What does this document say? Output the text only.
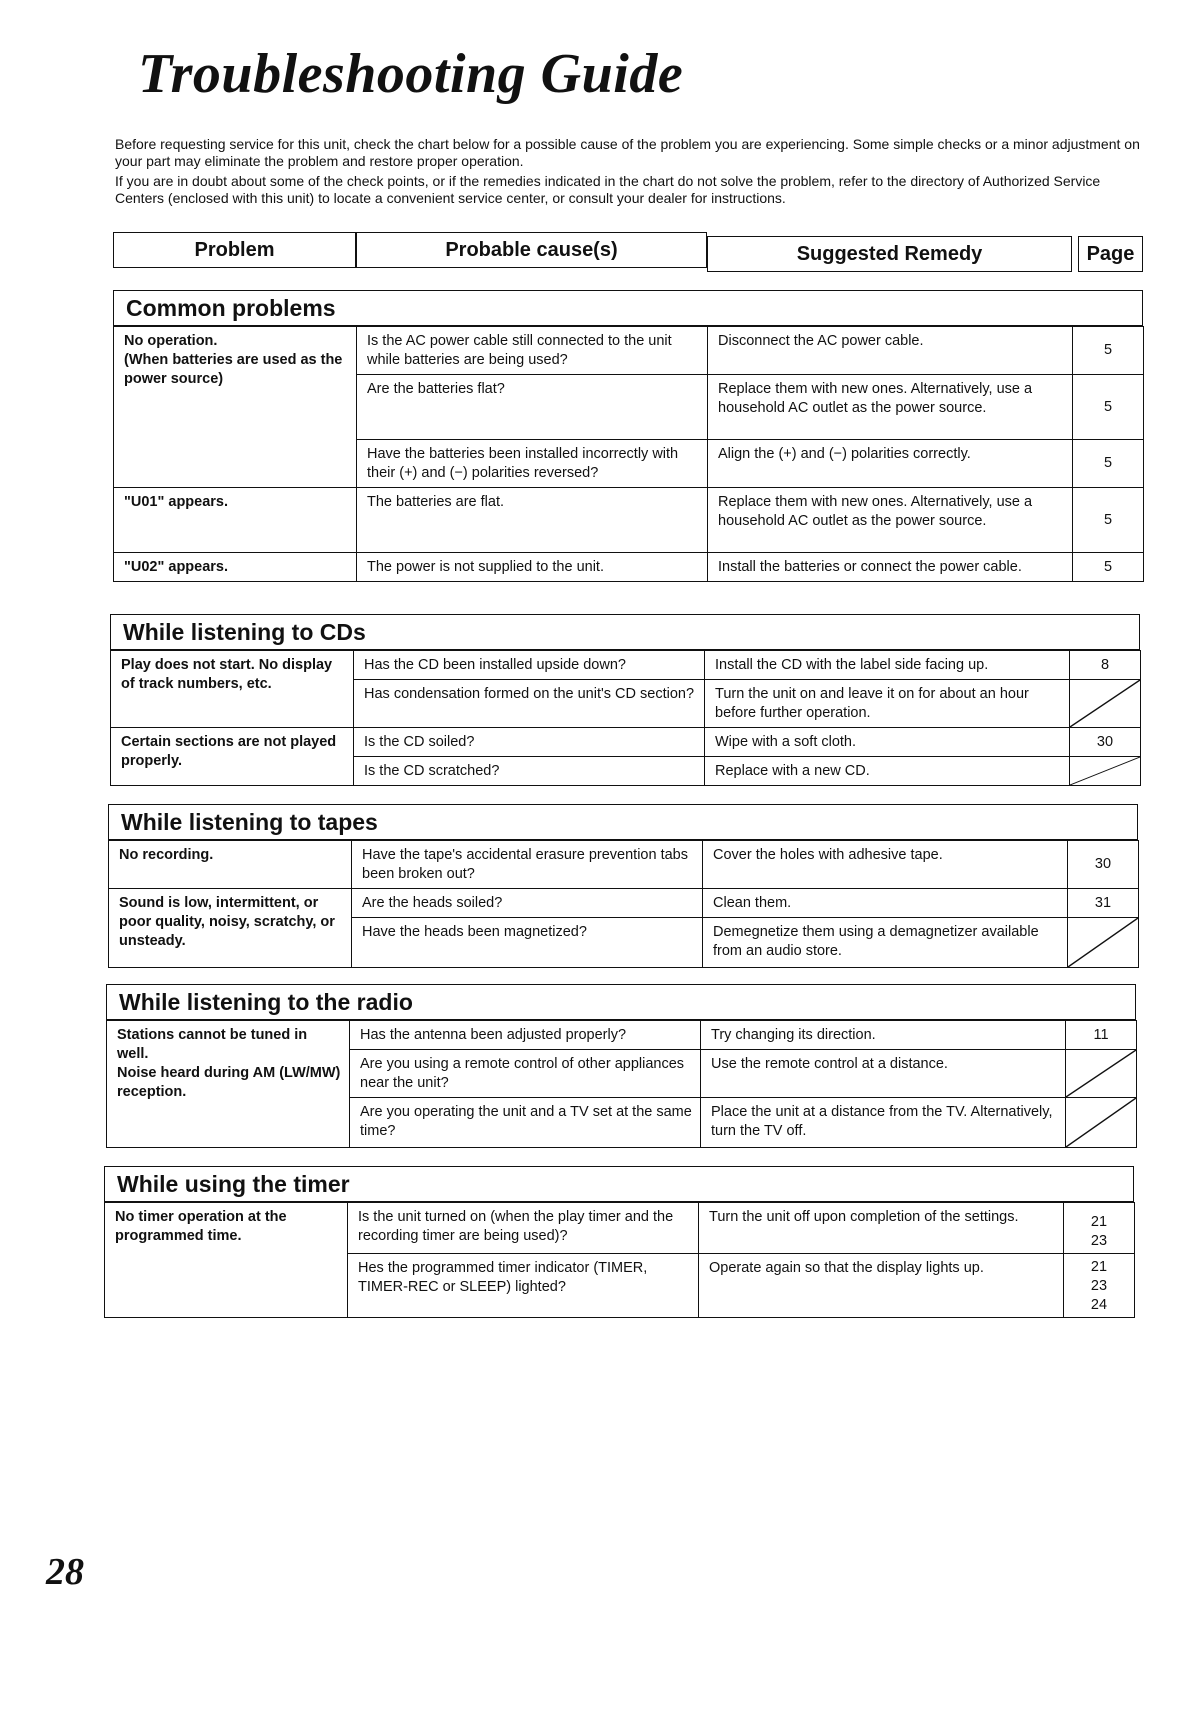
Troubleshooting Guide

Before requesting service for this unit, check the chart below for a possible cause of the problem you are experiencing. Some simple checks or a minor adjustment on your part may eliminate the problem and restore proper operation.

If you are in doubt about some of the check points, or if the remedies indicated in the chart do not solve the problem, refer to the directory of Authorized Service Centers (enclosed with this unit) to locate a convenient service center, or consult your dealer for instructions.

Problem	Probable cause(s)	Suggested Remedy	Page
Common problems
No operation.
(When batteries are used as the power source)	Is the AC power cable still connected to the unit while batteries are being used?	Disconnect the AC power cable.	5
	Are the batteries flat?	Replace them with new ones. Alternatively, use a household AC outlet as the power source.	5
	Have the batteries been installed incorrectly with their (+) and (−) polarities reversed?	Align the (+) and (−) polarities correctly.	5
"U01" appears.	The batteries are flat.	Replace them with new ones. Alternatively, use a household AC outlet as the power source.	5
"U02" appears.	The power is not supplied to the unit.	Install the batteries or connect the power cable.	5
While listening to CDs
Play does not start. No display of track numbers, etc.	Has the CD been installed upside down?	Install the CD with the label side facing up.	8
	Has condensation formed on the unit's CD section?	Turn the unit on and leave it on for about an hour before further operation.	

Certain sections are not played properly.	Is the CD soiled?	Wipe with a soft cloth.	30
	Is the CD scratched?	Replace with a new CD.	
While listening to tapes
No recording.	Have the tape's accidental erasure prevention tabs been broken out?	Cover the holes with adhesive tape.	30
Sound is low, intermittent, or poor quality, noisy, scratchy, or unsteady.	Are the heads soiled?	Clean them.	31
	Have the heads been magnetized?	Demegnetize them using a demagnetizer available from an audio store.	
While listening to the radio
Stations cannot be tuned in well.
Noise heard during AM (LW/MW) reception.	Has the antenna been adjusted properly?	Try changing its direction.	11
	Are you using a remote control of other appliances near the unit?	Use the remote control at a distance.	

	Are you operating the unit and a TV set at the same time?	Place the unit at a distance from the TV. Alternatively, turn the TV off.	
While using the timer
No timer operation at the programmed time.	Is the unit turned on (when the play timer and the recording timer are being used)?	Turn the unit off upon completion of the settings.	21
23
	Hes the programmed timer indicator (TIMER, TIMER-REC or SLEEP) lighted?	Operate again so that the display lights up.	21
23
24
28
